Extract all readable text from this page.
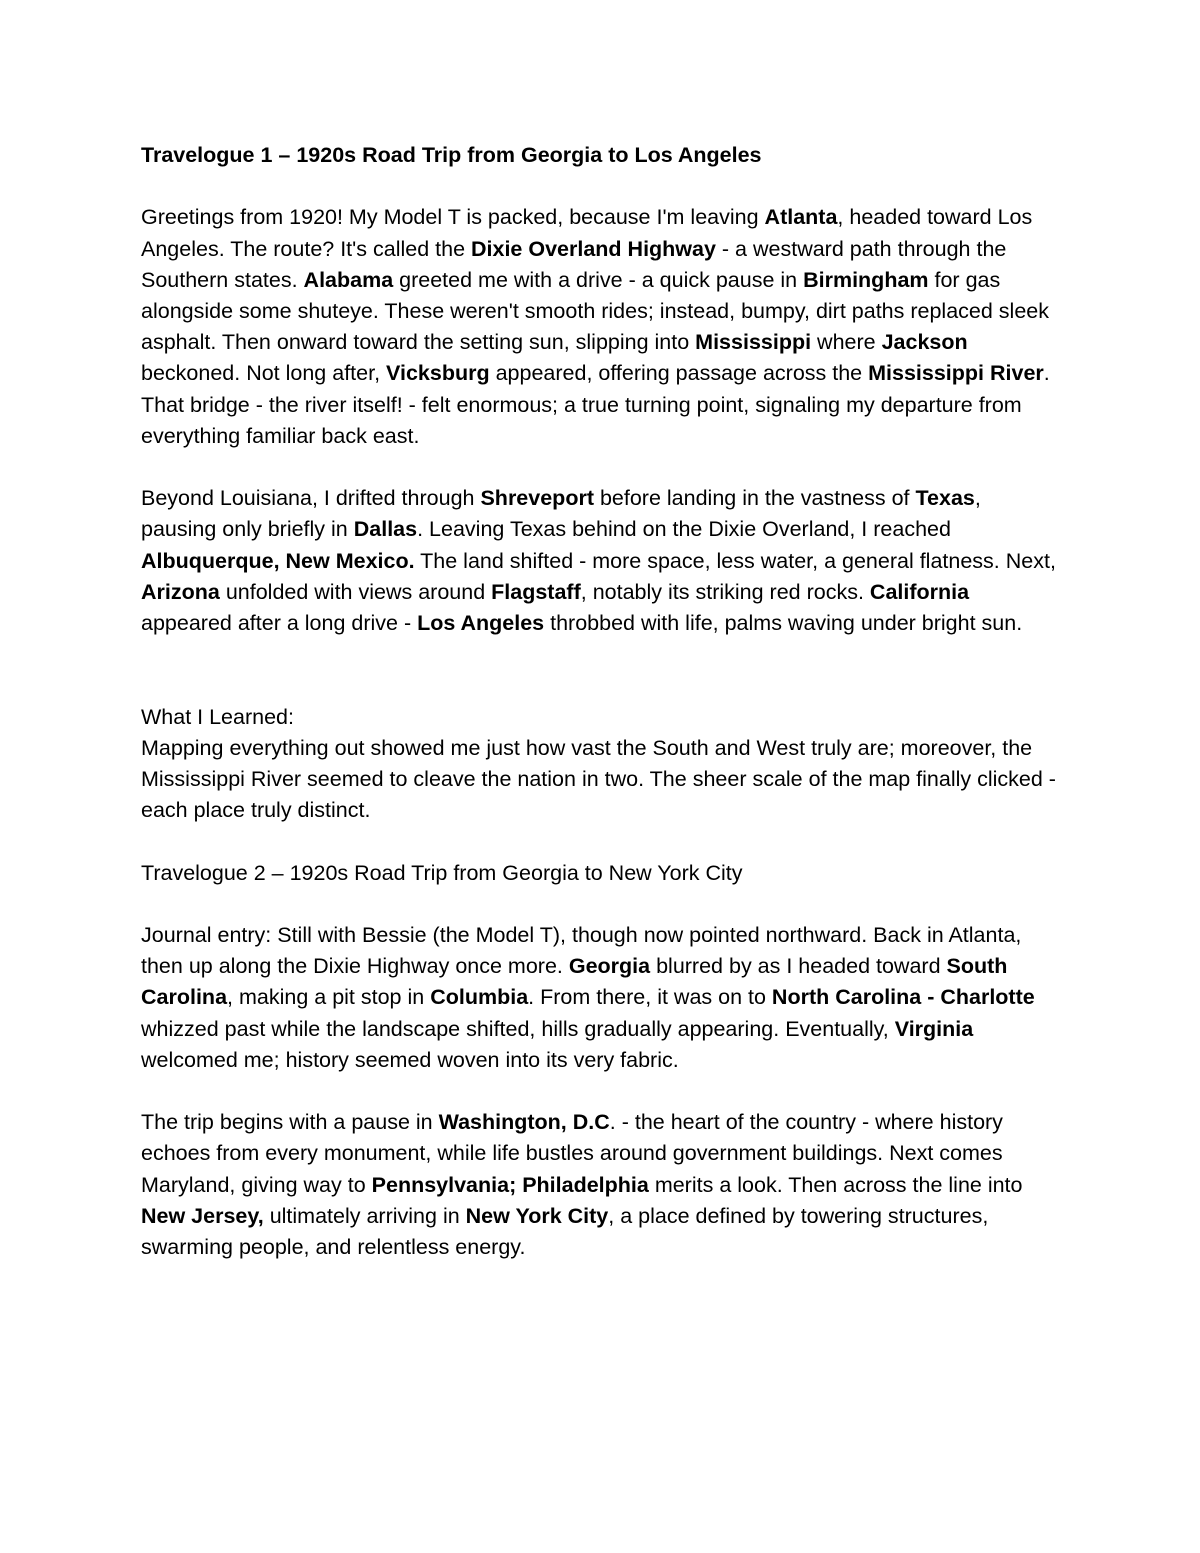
Travelogue 1 – 1920s Road Trip from Georgia to Los Angeles

Greetings from 1920! My Model T is packed, because I'm leaving Atlanta, headed toward Los Angeles. The route? It's called the Dixie Overland Highway - a westward path through the Southern states. Alabama greeted me with a drive - a quick pause in Birmingham for gas alongside some shuteye. These weren't smooth rides; instead, bumpy, dirt paths replaced sleek asphalt. Then onward toward the setting sun, slipping into Mississippi where Jackson beckoned. Not long after, Vicksburg appeared, offering passage across the Mississippi River. That bridge - the river itself! - felt enormous; a true turning point, signaling my departure from everything familiar back east.

Beyond Louisiana, I drifted through Shreveport before landing in the vastness of Texas, pausing only briefly in Dallas. Leaving Texas behind on the Dixie Overland, I reached Albuquerque, New Mexico. The land shifted - more space, less water, a general flatness. Next, Arizona unfolded with views around Flagstaff, notably its striking red rocks. California appeared after a long drive - Los Angeles throbbed with life, palms waving under bright sun.

What I Learned:

Mapping everything out showed me just how vast the South and West truly are; moreover, the Mississippi River seemed to cleave the nation in two. The sheer scale of the map finally clicked - each place truly distinct.

Travelogue 2 – 1920s Road Trip from Georgia to New York City

Journal entry: Still with Bessie (the Model T), though now pointed northward. Back in Atlanta, then up along the Dixie Highway once more. Georgia blurred by as I headed toward South Carolina, making a pit stop in Columbia. From there, it was on to North Carolina - Charlotte whizzed past while the landscape shifted, hills gradually appearing. Eventually, Virginia welcomed me; history seemed woven into its very fabric.

The trip begins with a pause in Washington, D.C. - the heart of the country - where history echoes from every monument, while life bustles around government buildings. Next comes Maryland, giving way to Pennsylvania; Philadelphia merits a look. Then across the line into New Jersey, ultimately arriving in New York City, a place defined by towering structures, swarming people, and relentless energy.
